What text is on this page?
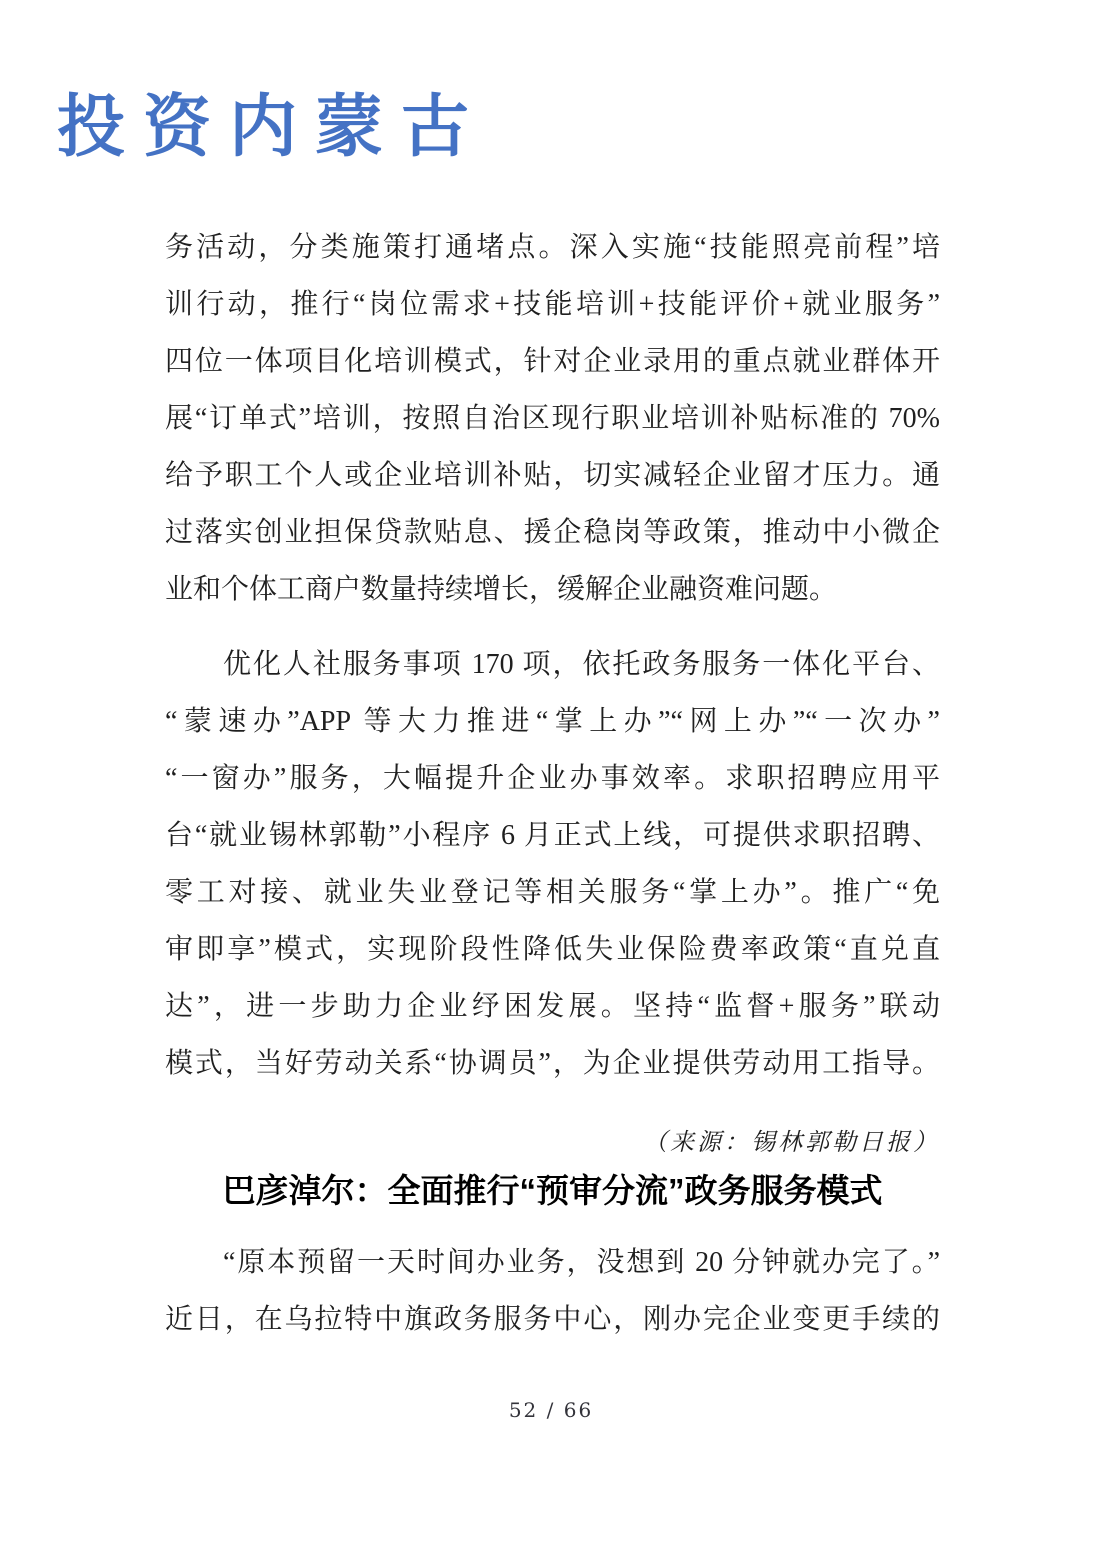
投资内蒙古
务活动，分类施策打通堵点。深入实施“技能照亮前程”培
训行动，推行“岗位需求+技能培训+技能评价+就业服务”
四位一体项目化培训模式，针对企业录用的重点就业群体开
展“订单式”培训，按照自治区现行职业培训补贴标准的 70%
给予职工个人或企业培训补贴，切实减轻企业留才压力。通
过落实创业担保贷款贴息、援企稳岗等政策，推动中小微企
业和个体工商户数量持续增长，缓解企业融资难问题。
优化人社服务事项 170 项，依托政务服务一体化平台、
“蒙速办”APP 等大力推进“掌上办”“网上办”“一次办”
“一窗办”服务，大幅提升企业办事效率。求职招聘应用平
台“就业锡林郭勒”小程序 6 月正式上线，可提供求职招聘、
零工对接、就业失业登记等相关服务“掌上办”。推广“免
审即享”模式，实现阶段性降低失业保险费率政策“直兑直
达”，进一步助力企业纾困发展。坚持“监督+服务”联动
模式，当好劳动关系“协调员”，为企业提供劳动用工指导。
（来源：锡林郭勒日报）
巴彦淖尔：全面推行“预审分流”政务服务模式
“原本预留一天时间办业务，没想到 20 分钟就办完了。”
近日，在乌拉特中旗政务服务中心，刚办完企业变更手续的
52 / 66
